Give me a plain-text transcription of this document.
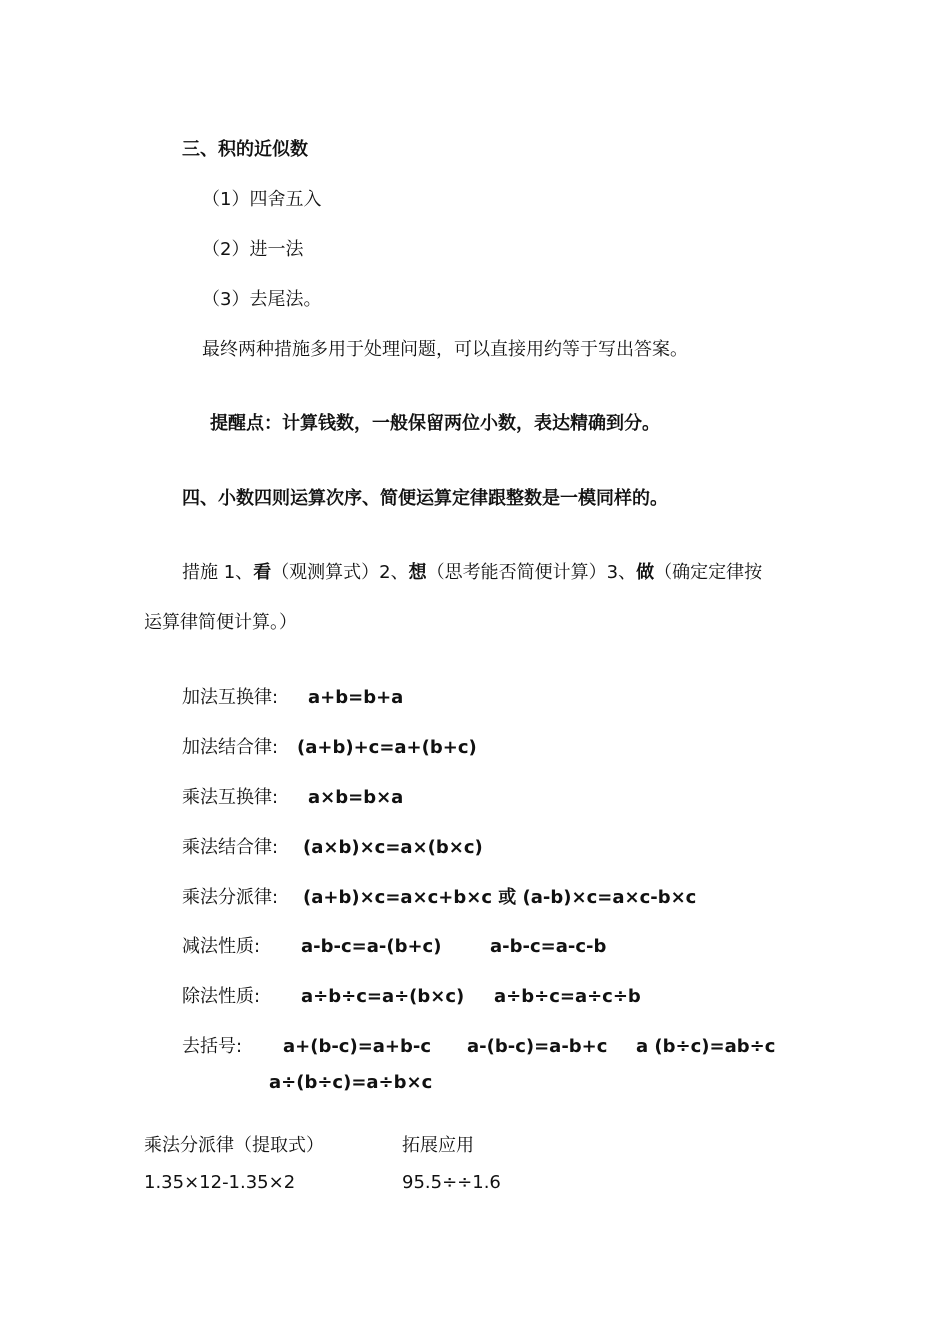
三、积的近似数
（1）四舍五入
（2）进一法
（3）去尾法。
最终两种措施多用于处理问题，可以直接用约等于写出答案。
提醒点：计算钱数，一般保留两位小数，表达精确到分。
四、小数四则运算次序、简便运算定律跟整数是一模同样的。
措施 1、看（观测算式）2、想（思考能否简便计算）3、做（确定定律按
运算律简便计算。）
加法互换律: a+b=b+a
加法结合律: (a+b)+c=a+(b+c)
乘法互换律: a×b=b×a
乘法结合律: (a×b)×c=a×(b×c)
乘法分派律: (a+b)×c=a×c+b×c 或 (a-b)×c=a×c-b×c
减法性质: a-b-c=a-(b+c)	a-b-c=a-c-b
除法性质: a÷b÷c=a÷(b×c) a÷b÷c=a÷c÷b
去括号: a+(b-c)=a+b-c a-(b-c)=a-b+c a (b÷c)=ab÷c
a÷(b÷c)=a÷b×c
乘法分派律（提取式）	拓展应用
1.35×12-1.35×2	95.5÷÷1.6
